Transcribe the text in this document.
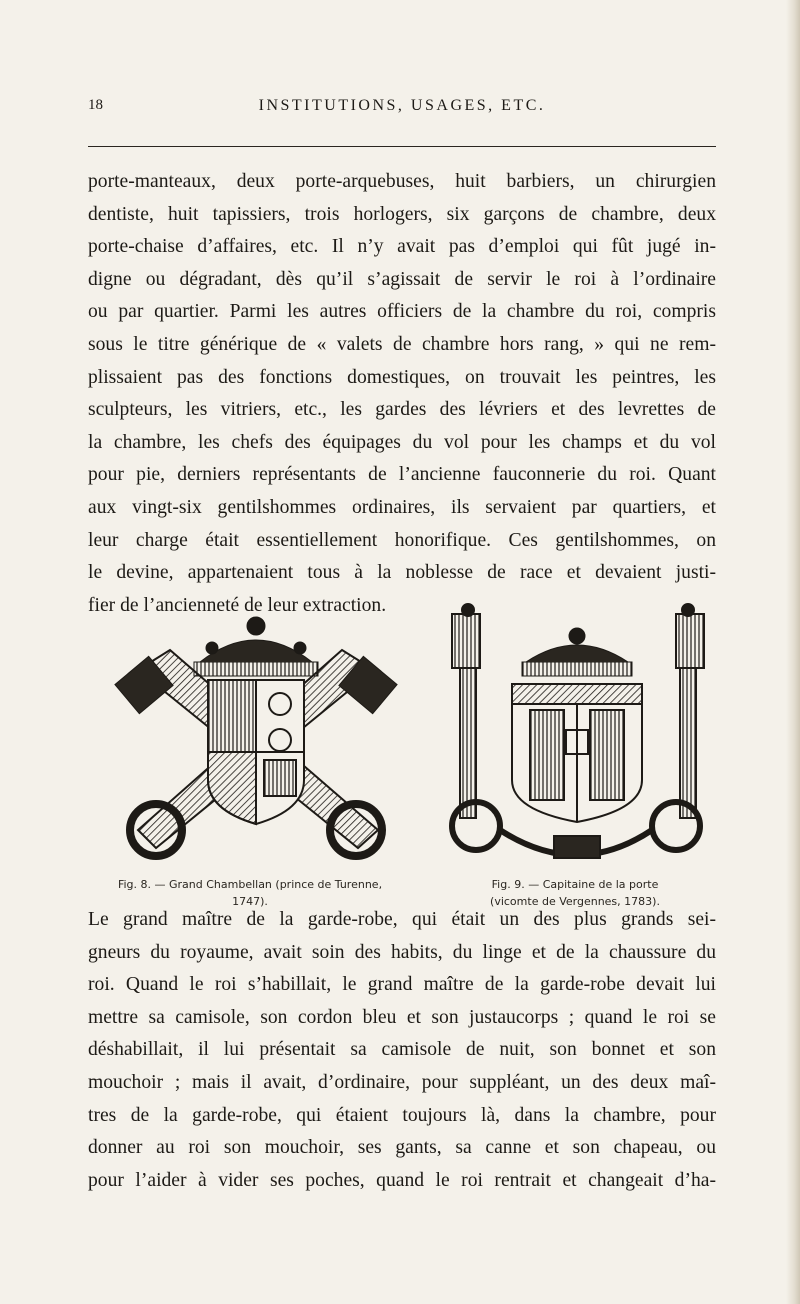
18	INSTITUTIONS, USAGES, ETC.
porte-manteaux, deux porte-arquebuses, huit barbiers, un chirurgien
dentiste, huit tapissiers, trois horlogers, six garçons de chambre, deux
porte-chaise d’affaires, etc. Il n’y avait pas d’emploi qui fût jugé in-
digne ou dégradant, dès qu’il s’agissait de servir le roi à l’ordinaire
ou par quartier. Parmi les autres officiers de la chambre du roi, compris
sous le titre générique de « valets de chambre hors rang, » qui ne rem-
plissaient pas des fonctions domestiques, on trouvait les peintres, les
sculpteurs, les vitriers, etc., les gardes des lévriers et des levrettes de
la chambre, les chefs des équipages du vol pour les champs et du vol
pour pie, derniers représentants de l’ancienne fauconnerie du roi. Quant
aux vingt-six gentilshommes ordinaires, ils servaient par quartiers, et
leur charge était essentiellement honorifique. Ces gentilshommes, on
le devine, appartenaient tous à la noblesse de race et devaient justi-
fier de l’ancienneté de leur extraction.
Fig. 8. — Grand Chambellan (prince de Turenne,
1747).
Fig. 9. — Capitaine de la porte
(vicomte de Vergennes, 1783).
Le grand maître de la garde-robe, qui était un des plus grands sei-
gneurs du royaume, avait soin des habits, du linge et de la chaussure du
roi. Quand le roi s’habillait, le grand maître de la garde-robe devait lui
mettre sa camisole, son cordon bleu et son justaucorps ; quand le roi se
déshabillait, il lui présentait sa camisole de nuit, son bonnet et son
mouchoir ; mais il avait, d’ordinaire, pour suppléant, un des deux maî-
tres de la garde-robe, qui étaient toujours là, dans la chambre, pour
donner au roi son mouchoir, ses gants, sa canne et son chapeau, ou
pour l’aider à vider ses poches, quand le roi rentrait et changeait d’ha-
